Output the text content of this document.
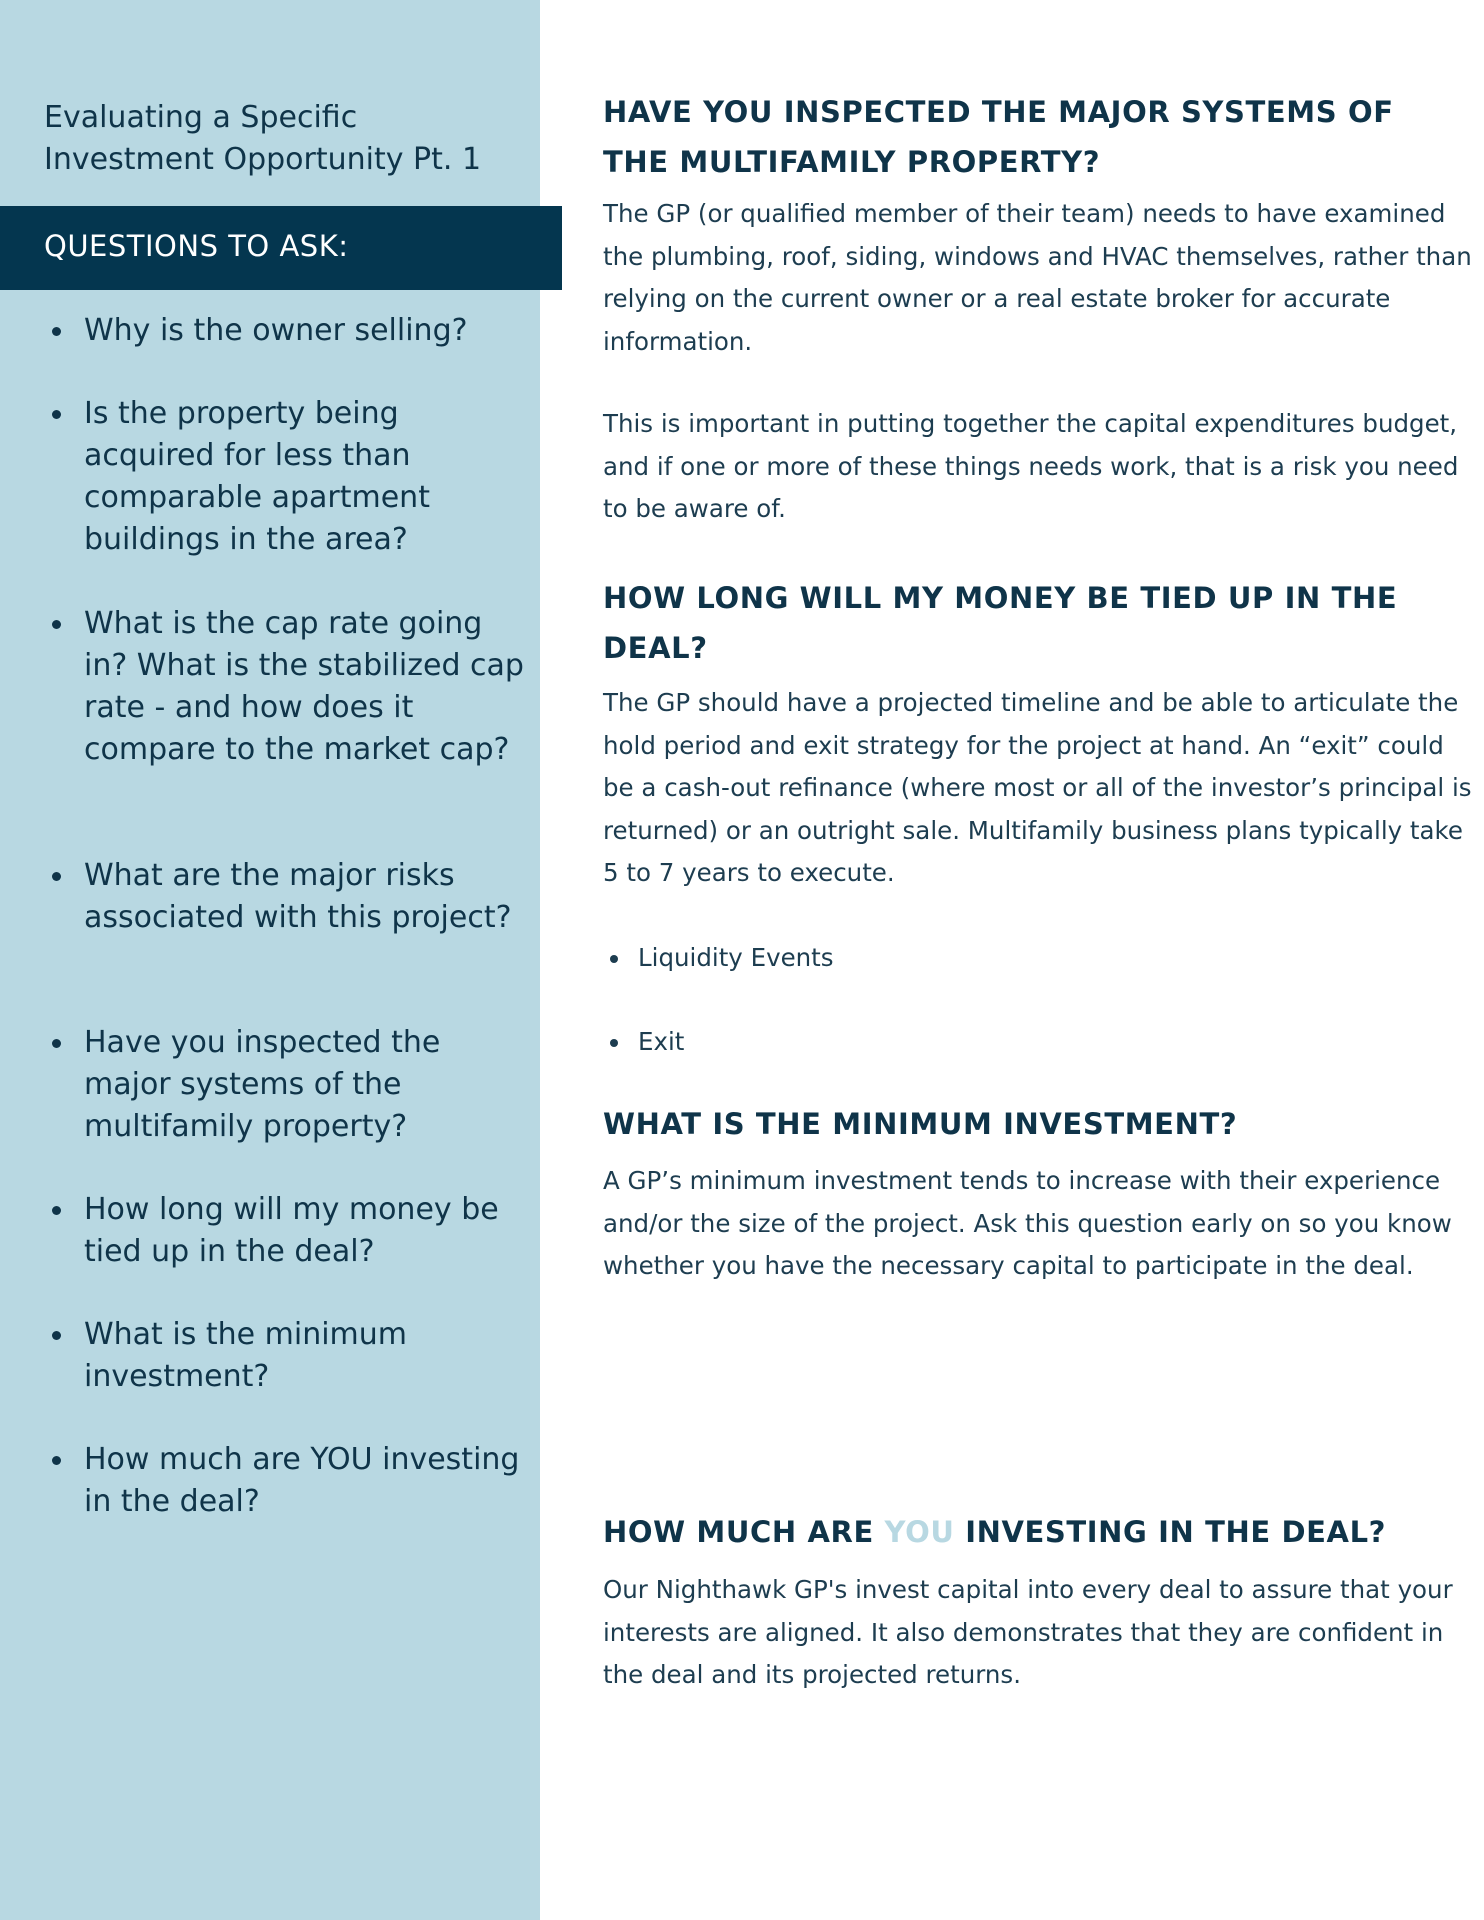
Evaluating a Specific Investment Opportunity Pt. 1
QUESTIONS TO ASK:
Why is the owner selling?
Is the property being acquired for less than comparable apartment buildings in the area?
What is the cap rate going in? What is the stabilized cap rate - and how does it compare to the market cap?
What are the major risks associated with this project?
Have you inspected the major systems of the multifamily property?
How long will my money be tied up in the deal?
What is the minimum investment?
How much are YOU investing in the deal?
HAVE YOU INSPECTED THE MAJOR SYSTEMS OF THE MULTIFAMILY PROPERTY?
The GP (or qualified member of their team) needs to have examined the plumbing, roof, siding, windows and HVAC themselves, rather than relying on the current owner or a real estate broker for accurate information.
This is important in putting together the capital expenditures budget, and if one or more of these things needs work, that is a risk you need to be aware of.
HOW LONG WILL MY MONEY BE TIED UP IN THE DEAL?
The GP should have a projected timeline and be able to articulate the hold period and exit strategy for the project at hand. An “exit” could be a cash-out refinance (where most or all of the investor’s principal is returned) or an outright sale. Multifamily business plans typically take 5 to 7 years to execute.
Liquidity Events
Exit
WHAT IS THE MINIMUM INVESTMENT?
A GP’s minimum investment tends to increase with their experience and/or the size of the project. Ask this question early on so you know whether you have the necessary capital to participate in the deal.
HOW MUCH ARE YOU INVESTING IN THE DEAL?
Our Nighthawk GP's invest capital into every deal to assure that your interests are aligned. It also demonstrates that they are confident in the deal and its projected returns.
